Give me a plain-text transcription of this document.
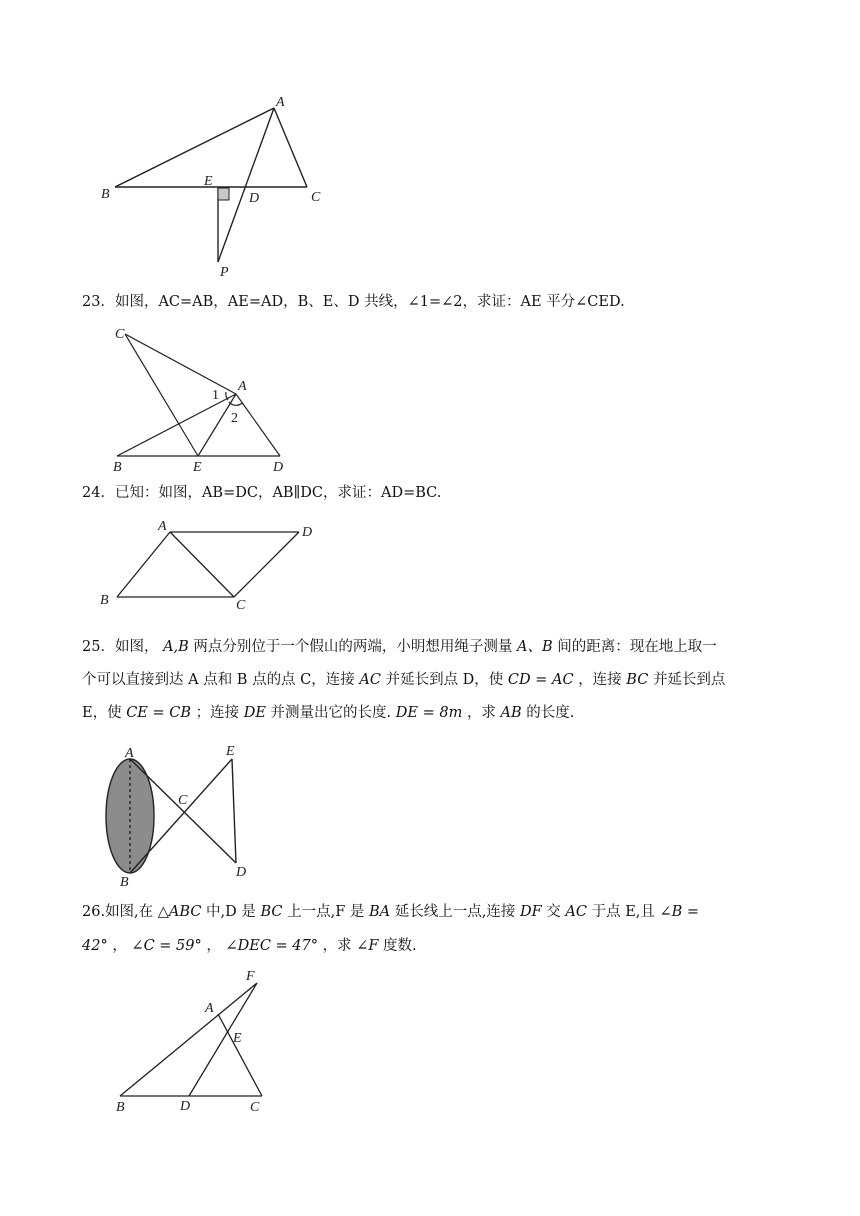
A
B	C
D
E
P

23．如图，AC=AB，AE=AD，B、E、D 共线，∠1=∠2，求证：AE 平分∠CED.

C
A
1
2
B	E	D

24．已知：如图，AB=DC，AB∥DC，求证：AD=BC.

A	D
B	C
25．如图， A,B 两点分别位于一个假山的两端，小明想用绳子测量 A、B 间的距离：现在地上取一
个可以直接到达 A 点和 B 点的点 C，连接 AC 并延长到点 D，使 CD = AC ，连接 BC 并延长到点
E，使 CE = CB ；连接 DE 并测量出它的长度. DE = 8m ，求 AB 的长度.
A
B
C
E
D
26.如图,在 △ABC 中,D 是 BC 上一点,F 是 BA 延长线上一点,连接 DF 交 AC 于点 E,且 ∠B =
42° ， ∠C = 59° ， ∠DEC = 47° ，求 ∠F 度数.
F
A
E
B	D	C
